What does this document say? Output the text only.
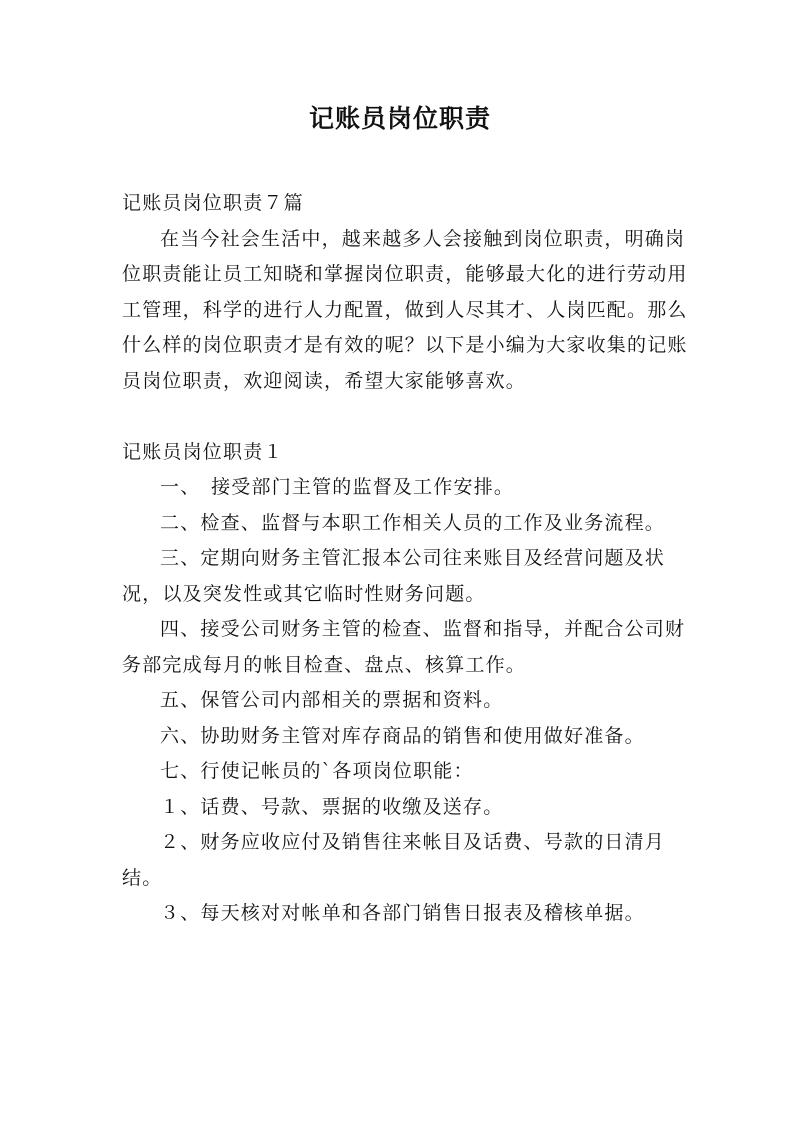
记账员岗位职责

记账员岗位职责７篇

在当今社会生活中，越来越多人会接触到岗位职责，明确岗位职责能让员工知晓和掌握岗位职责，能够最大化的进行劳动用工管理，科学的进行人力配置，做到人尽其才、人岗匹配。那么什么样的岗位职责才是有效的呢？以下是小编为大家收集的记账员岗位职责，欢迎阅读，希望大家能够喜欢。

记账员岗位职责１

一、　接受部门主管的监督及工作安排。

二、检查、监督与本职工作相关人员的工作及业务流程。

三、定期向财务主管汇报本公司往来账目及经营问题及状况，以及突发性或其它临时性财务问题。

四、接受公司财务主管的检查、监督和指导，并配合公司财务部完成每月的帐目检查、盘点、核算工作。

五、保管公司内部相关的票据和资料。

六、协助财务主管对库存商品的销售和使用做好准备。

七、行使记帐员的`各项岗位职能：

１、话费、号款、票据的收缴及送存。

２、财务应收应付及销售往来帐目及话费、号款的日清月结。

３、每天核对对帐单和各部门销售日报表及稽核单据。
